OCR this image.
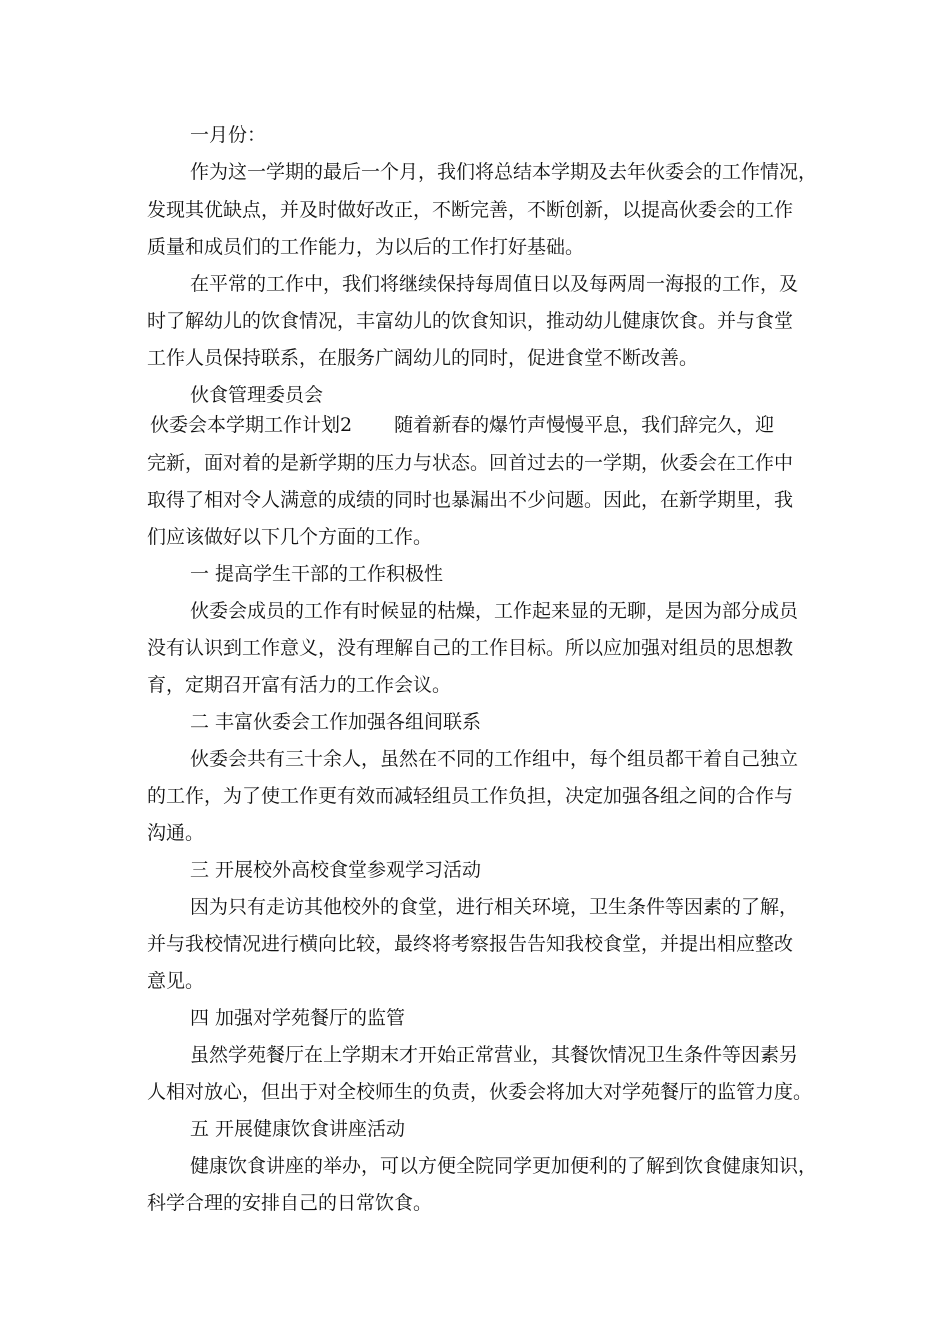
一月份：
作为这一学期的最后一个月，我们将总结本学期及去年伙委会的工作情况，
发现其优缺点，并及时做好改正，不断完善，不断创新，以提高伙委会的工作
质量和成员们的工作能力，为以后的工作打好基础。
在平常的工作中，我们将继续保持每周值日以及每两周一海报的工作，及
时了解幼儿的饮食情况，丰富幼儿的饮食知识，推动幼儿健康饮食。并与食堂
工作人员保持联系，在服务广阔幼儿的同时，促进食堂不断改善。
伙食管理委员会
伙委会本学期工作计划2 随着新春的爆竹声慢慢平息，我们辞完久，迎
完新，面对着的是新学期的压力与状态。回首过去的一学期，伙委会在工作中
取得了相对令人满意的成绩的同时也暴漏出不少问题。因此，在新学期里，我
们应该做好以下几个方面的工作。
一 提高学生干部的工作积极性
伙委会成员的工作有时候显的枯燥，工作起来显的无聊，是因为部分成员
没有认识到工作意义，没有理解自己的工作目标。所以应加强对组员的思想教
育，定期召开富有活力的工作会议。
二 丰富伙委会工作加强各组间联系
伙委会共有三十余人，虽然在不同的工作组中，每个组员都干着自己独立
的工作，为了使工作更有效而减轻组员工作负担，决定加强各组之间的合作与
沟通。
三 开展校外高校食堂参观学习活动
因为只有走访其他校外的食堂，进行相关环境，卫生条件等因素的了解，
并与我校情况进行横向比较，最终将考察报告告知我校食堂，并提出相应整改
意见。
四 加强对学苑餐厅的监管
虽然学苑餐厅在上学期末才开始正常营业，其餐饮情况卫生条件等因素另
人相对放心，但出于对全校师生的负责，伙委会将加大对学苑餐厅的监管力度。
五 开展健康饮食讲座活动
健康饮食讲座的举办，可以方便全院同学更加便利的了解到饮食健康知识，
科学合理的安排自己的日常饮食。
